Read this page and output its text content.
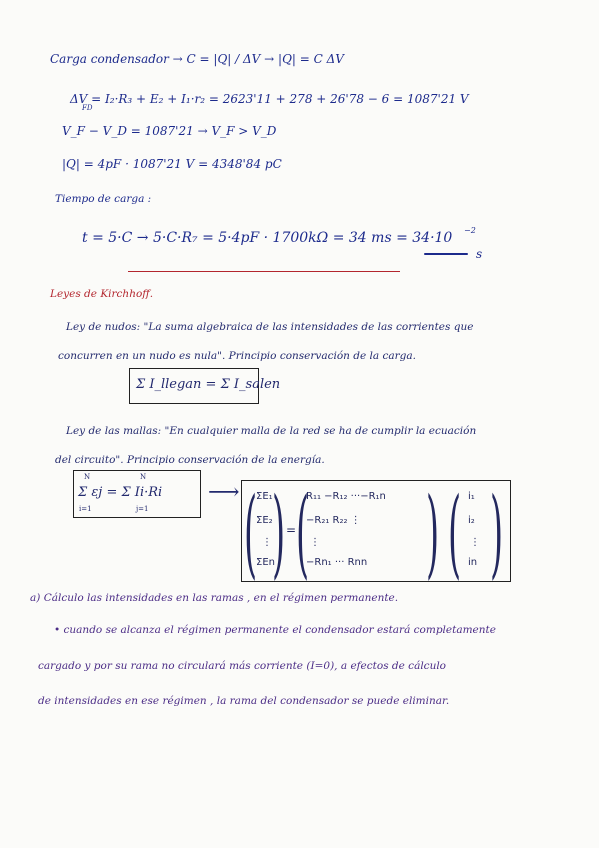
Carga condensador → C = |Q| / ΔV → |Q| = C ΔV
ΔV = I₂·R₃ + E₂ + I₁·r₂ = 2623'11 + 278 + 26'78 − 6 = 1087'21 V
FD
V_F − V_D = 1087'21 → V_F > V_D
|Q| = 4pF · 1087'21 V = 4348'84 pC
Tiempo de carga :
t = 5·C → 5·C·R₇ = 5·4pF · 1700kΩ = 34 ms = 34·10 −2
s
Leyes de Kirchhoff.
Ley de nudos: "La suma algebraica de las intensidades de las corrientes que
concurren en un nudo es nula". Principio conservación de la carga.
Σ I_llegan = Σ I_salen
Ley de las mallas: "En cualquier malla de la red se ha de cumplir la ecuación
del circuito". Principio conservación de la energía.
Σ εj = Σ Ii·Ri
N
i=1
N
j=1
⟶ ( )
ΣE₁
ΣE₂
⋮
ΣEn
= (
R₁₁ −R₁₂ ···−R₁n
−R₂₁ R₂₂ ⋮
⋮
−Rn₁ ··· Rnn ) ( i₁
i₂
⋮
in )
a) Cálculo las intensidades en las ramas , en el régimen permanente.
• cuando se alcanza el régimen permanente el condensador estará completamente
cargado y por su rama no circulará más corriente (I=0), a efectos de cálculo
de intensidades en ese régimen , la rama del condensador se puede eliminar.
